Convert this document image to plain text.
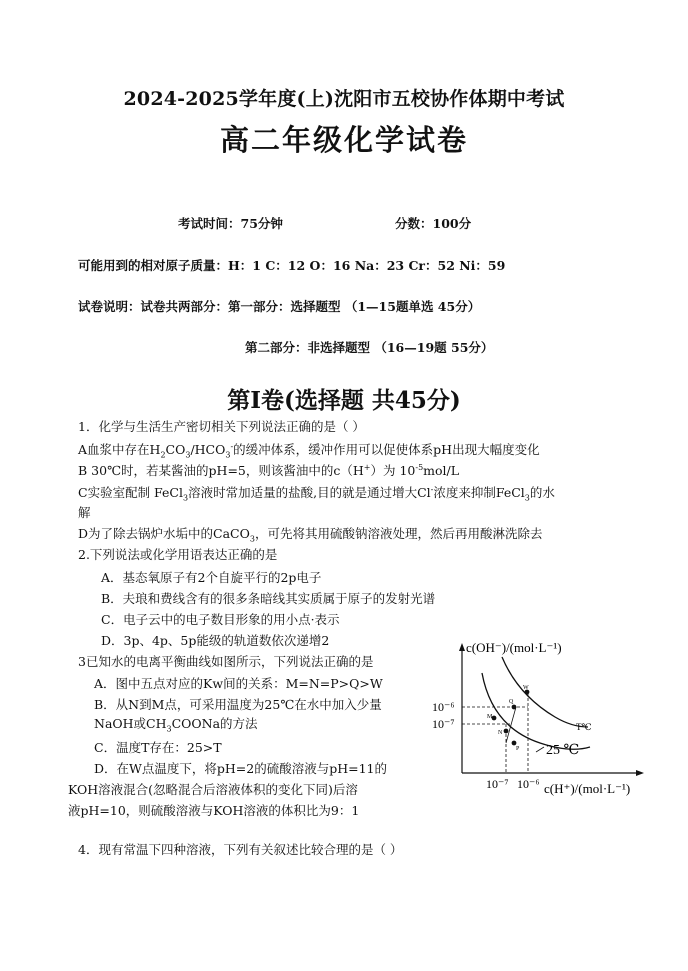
2024-2025学年度(上)沈阳市五校协作体期中考试
高二年级化学试卷
考试时间：75分钟	分数：100分
可能用到的相对原子质量：H：1 C：12 O：16 Na：23 Cr：52 Ni：59
试卷说明：试卷共两部分：第一部分：选择题型 （1—15题单选 45分）
第二部分：非选择题型 （16—19题 55分）
第Ⅰ卷(选择题 共45分)
1．化学与生活生产密切相关下列说法正确的是（ ）
A血浆中存在$H_2CO_3/HCO_3^-$的缓冲体系，缓冲作用可以促使体系pH出现大幅度变化
B 30℃时，若某酱油的pH=5，则该酱油中的c（H+）为 $10^{-5}mol/L$
C实验室配制 FeCl$_3$溶液时常加适量的盐酸,目的就是通过增大Cl-浓度来抑制FeCl$_3$的水
解
D为了除去锅炉水垢中的CaCO$_3$，可先将其用硫酸钠溶液处理，然后再用酸淋洗除去
2.下列说法或化学用语表达正确的是
A．基态氧原子有2个自旋平行的2p电子
B．夫琅和费线含有的很多条暗线其实质属于原子的发射光谱
C．电子云中的电子数目形象的用小点·表示
D．3p、4p、5p能级的轨道数依次递增2
3已知水的电离平衡曲线如图所示，下列说法正确的是
A．图中五点对应的Kw间的关系：M=N=P>Q>W
B．从N到M点，可采用温度为25℃在水中加入少量
NaOH或$CH_3COONa$的方法
C．温度T存在：25>T
D．在W点温度下，将pH=2的硫酸溶液与pH=11的
KOH溶液混合(忽略混合后溶液体积的变化下同)后溶
液pH=10，则硫酸溶液与KOH溶液的体积比为9：1
4．现有常温下四种溶液，下列有关叙述比较合理的是（ ）
c(OH⁻)/(mol·L⁻¹)
c(H⁺)/(mol·L⁻¹)
10⁻⁶
10⁻⁷
10⁻⁷ 10⁻⁶
M
N
P
Q
W
25 ℃
T℃
